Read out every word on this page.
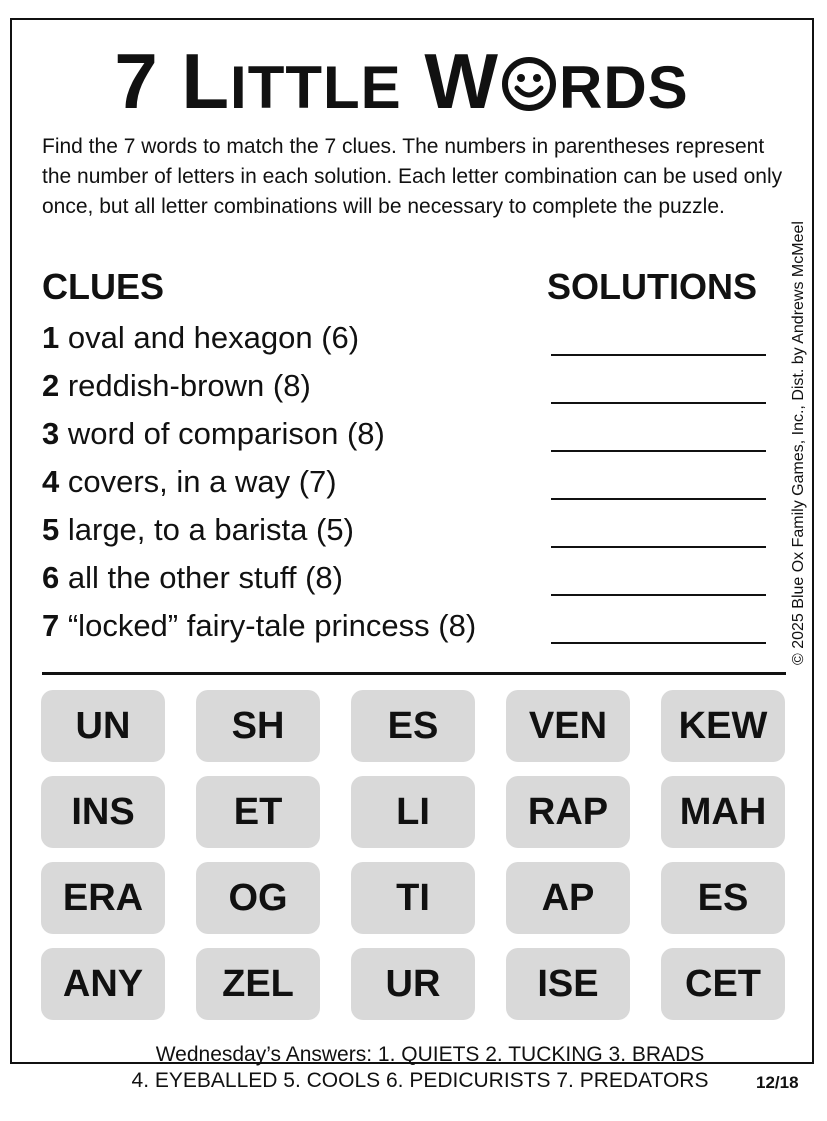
7 LITTLE W RDS
Find the 7 words to match the 7 clues. The numbers in parentheses represent the number of letters in each solution. Each letter combination can be used only once, but all letter combinations will be necessary to complete the puzzle.
© 2025 Blue Ox Family Games, Inc., Dist. by Andrews McMeel
CLUES	SOLUTIONS
1 oval and hexagon (6)
2 reddish-brown (8)
3 word of comparison (8)
4 covers, in a way (7)
5 large, to a barista (5)
6 all the other stuff (8)
7 “locked” fairy-tale princess (8)
UN	SH	ES	VEN	KEW
INS	ET	LI	RAP	MAH
ERA	OG	TI	AP	ES
ANY	ZEL	UR	ISE	CET
Wednesday’s Answers: 1. QUIETS 2. TUCKING 3. BRADS
4. EYEBALLED 5. COOLS 6. PEDICURISTS 7. PREDATORS	12/18
